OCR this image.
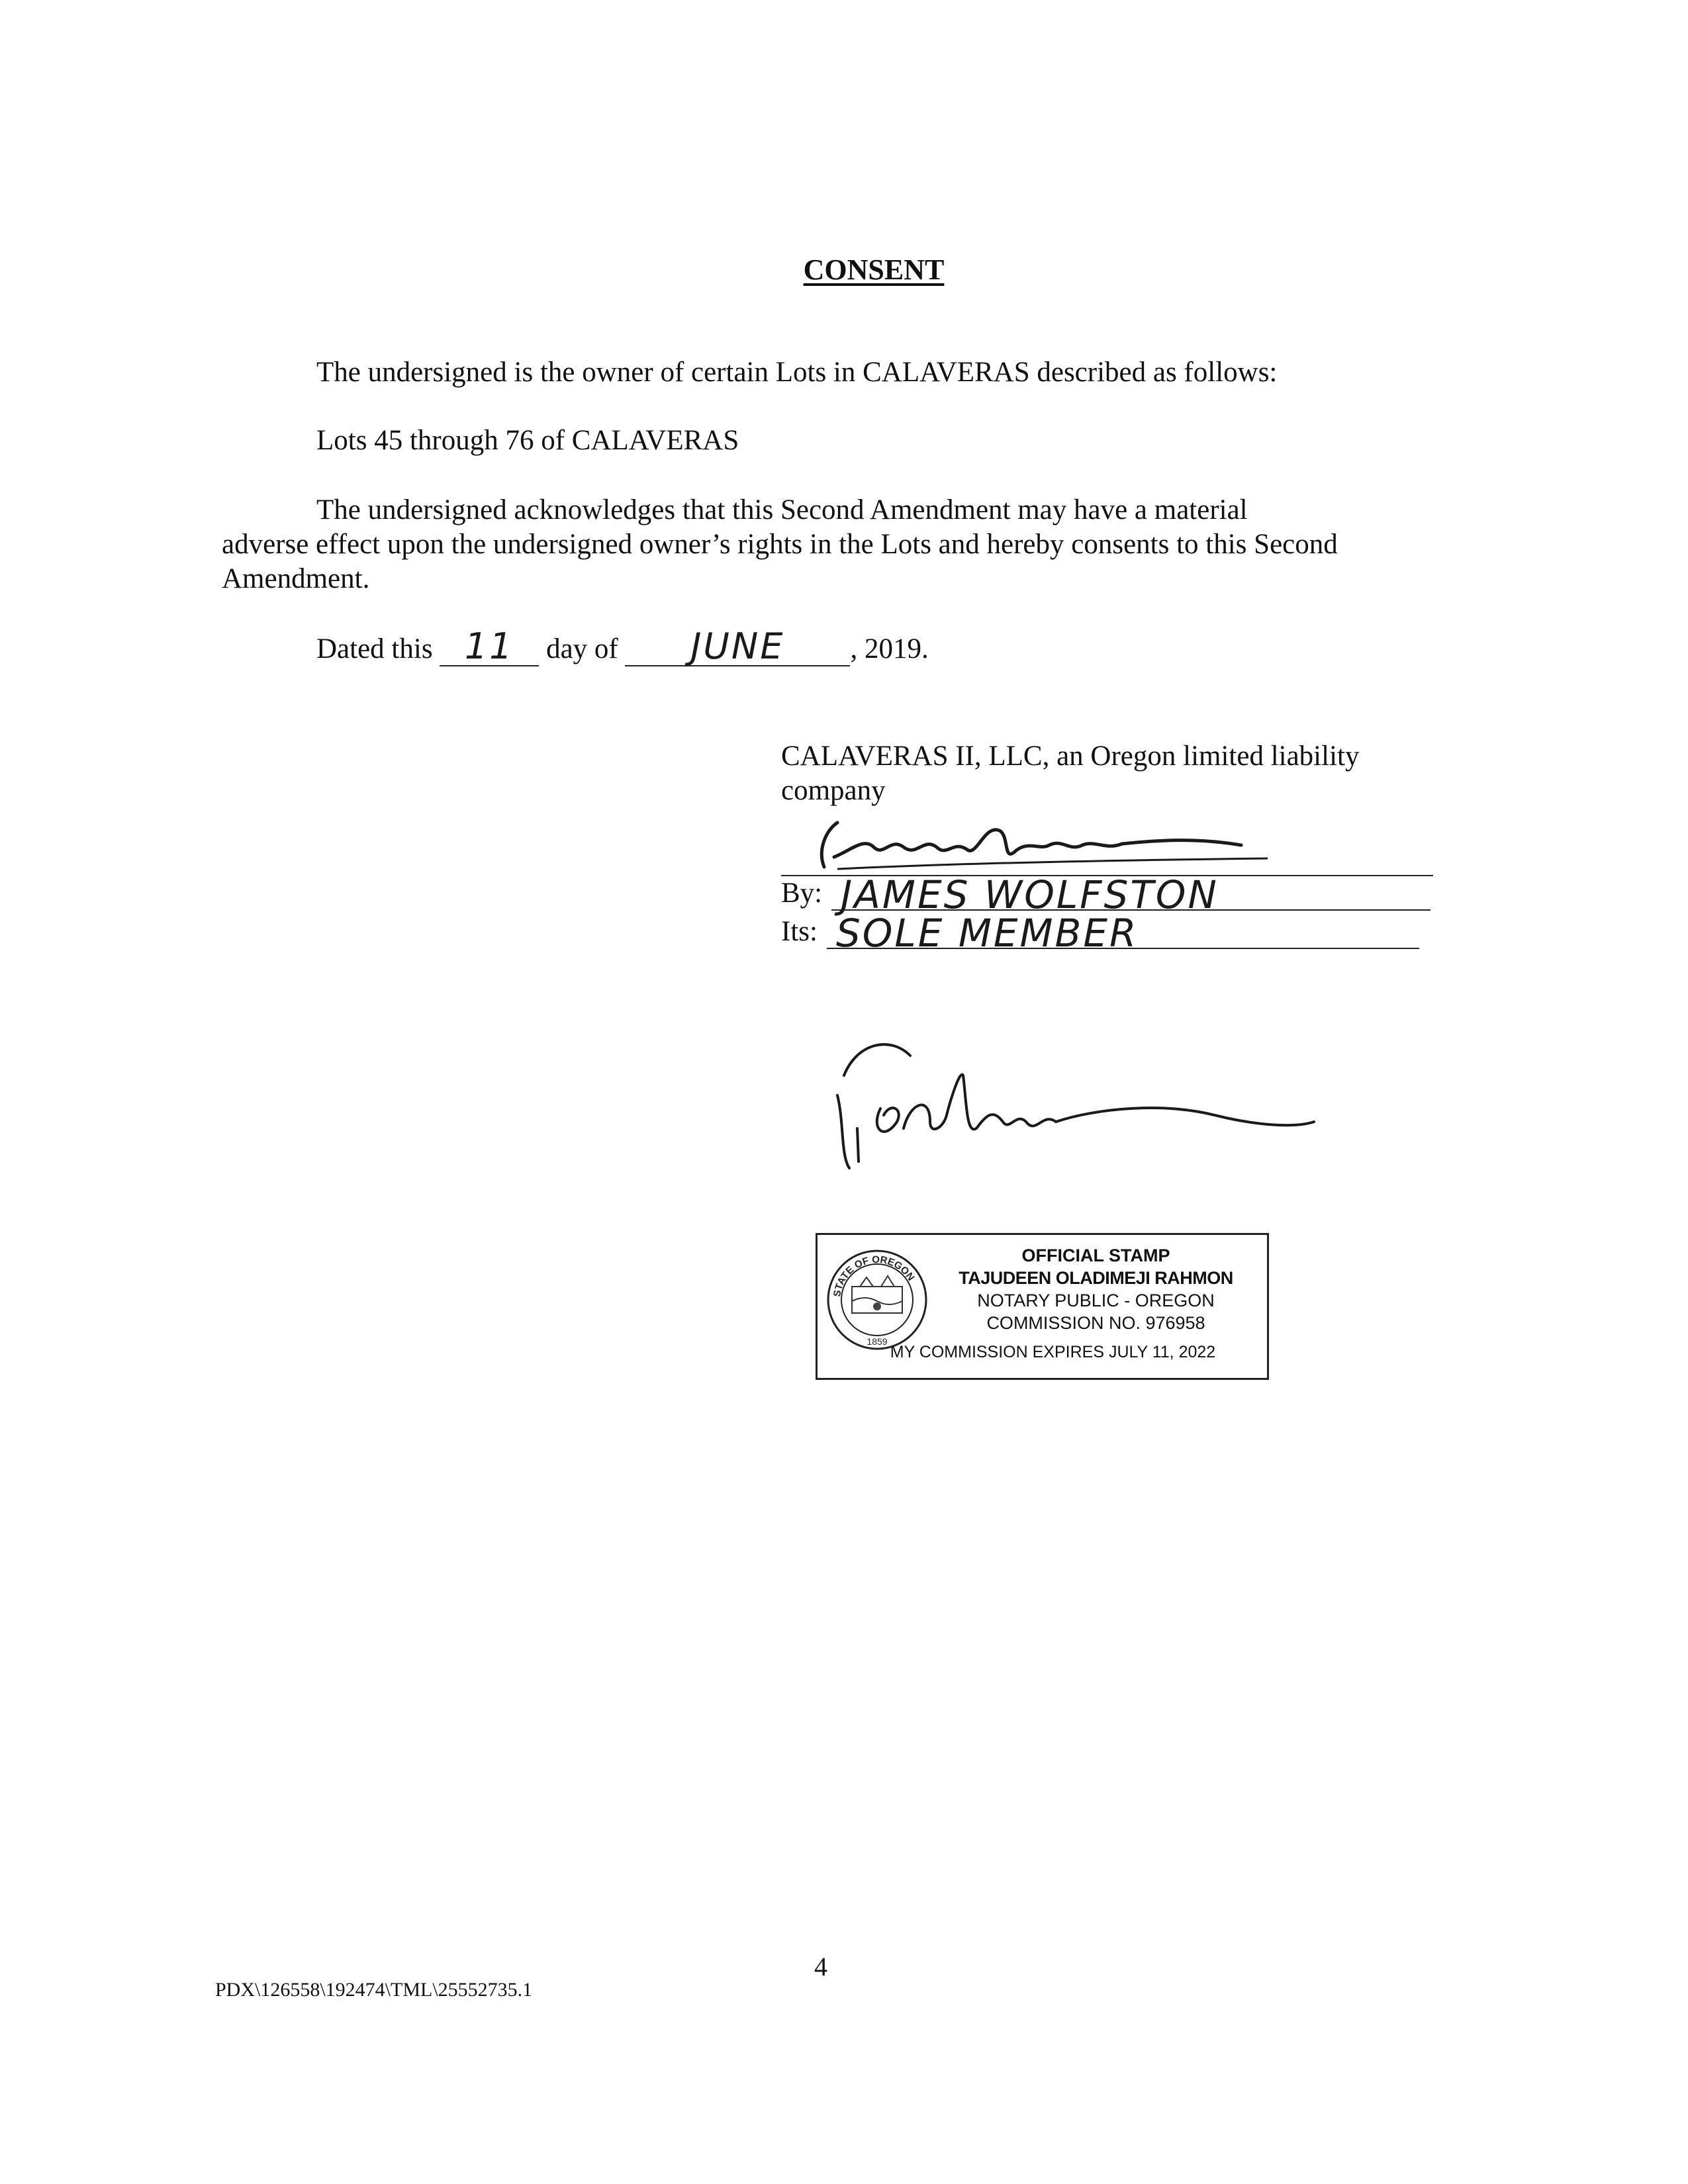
CONSENT
The undersigned is the owner of certain Lots in CALAVERAS described as follows:
Lots 45 through 76 of CALAVERAS
The undersigned acknowledges that this Second Amendment may have a material
adverse effect upon the undersigned owner’s rights in the Lots and hereby consents to this Second Amendment.
Dated this 11	day of	JUNE	, 2019.
CALAVERAS II, LLC, an Oregon limited liability company
By: JAMES WOLFSTON
Its: SOLE MEMBER
STATE OF OREGON
1859
OFFICIAL STAMP
TAJUDEEN OLADIMEJI RAHMON
NOTARY PUBLIC - OREGON
COMMISSION NO. 976958
MY COMMISSION EXPIRES JULY 11, 2022
4
PDX\126558\192474\TML\25552735.1
